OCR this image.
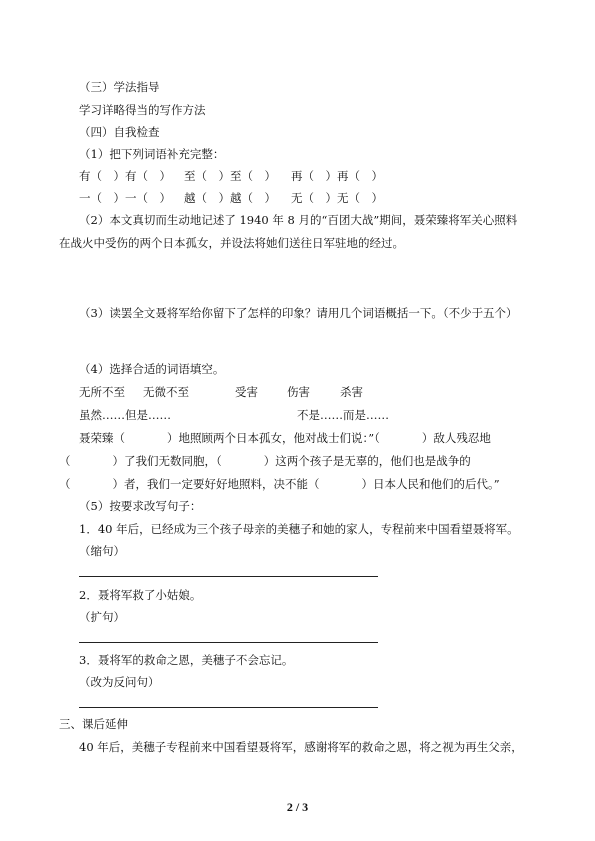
（三）学法指导
学习详略得当的写作方法
（四）自我检查
（1）把下列词语补充完整：
有（　）有（　） 至（　）至（　） 再（　）再（　）
一（　）一（　） 越（　）越（　） 无（　）无（　）
（2）本文真切而生动地记述了 1940 年 8 月的“百团大战”期间，聂荣臻将军关心照料
在战火中受伤的两个日本孤女，并设法将她们送往日军驻地的经过。
（3）读罢全文聂将军给你留下了怎样的印象？请用几个词语概括一下。（不少于五个）
（4）选择合适的词语填空。
无所不至 无微不至	受害	伤害	杀害
虽然……但是……	不是……而是……
聂荣臻（	）地照顾两个日本孤女，他对战士们说：”（	）敌人残忍地
（	）了我们无数同胞，（	）这两个孩子是无辜的，他们也是战争的
（	）者，我们一定要好好地照料，决不能（	）日本人民和他们的后代。”
（5）按要求改写句子：
1．40 年后，已经成为三个孩子母亲的美穗子和她的家人，专程前来中国看望聂将军。
（缩句）
2．聂将军救了小姑娘。
（扩句）
3．聂将军的救命之恩，美穗子不会忘记。
（改为反问句）
三、课后延伸
40 年后，美穗子专程前来中国看望聂将军，感谢将军的救命之恩，将之视为再生父亲，
2 / 3
